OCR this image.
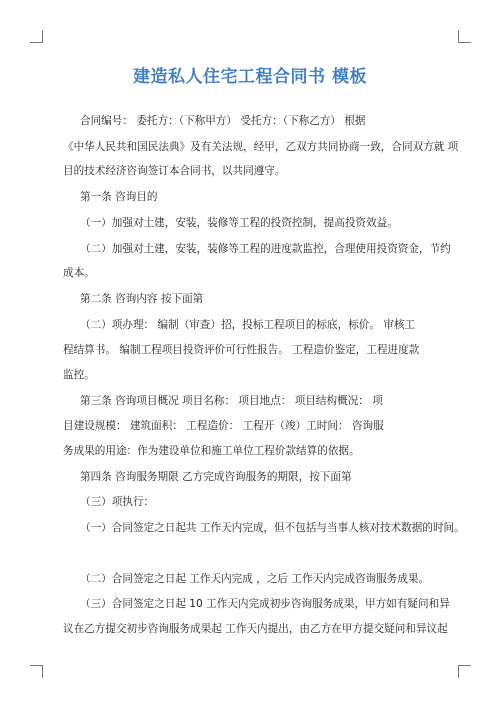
建造私人住宅工程合同书 模板
合同编号： 委托方：（下称甲方） 受托方：（下称乙方） 根据
《中华人民共和国民法典》及有关法规，经甲，乙双方共同协商一致，合同双方就 项
目的技术经济咨询签订本合同书，以共同遵守。
第一条 咨询目的
（一）加强对土建，安装，装修等工程的投资控制，提高投资效益。
（二）加强对土建，安装，装修等工程的进度款监控，合理使用投资资金，节约
成本。
第二条 咨询内容 按下面第
（二）项办理： 编制（审查）招，投标工程项目的标底，标价。 审核工
程结算书。 编制工程项目投资评价可行性报告。 工程造价鉴定，工程进度款
监控。
第三条 咨询项目概况 项目名称： 项目地点： 项目结构概况： 项
目建设规模： 建筑面积： 工程造价： 工程开（竣）工时间： 咨询服
务成果的用途：作为建设单位和施工单位工程价款结算的依据。
第四条 咨询服务期限 乙方完成咨询服务的期限，按下面第
（三）项执行：
（一）合同签定之日起共 工作天内完成，但不包括与当事人核对技术数据的时间。
（二）合同签定之日起 工作天内完成 ，之后 工作天内完成咨询服务成果。
（三）合同签定之日起 10 工作天内完成初步咨询服务成果，甲方如有疑问和异
议在乙方提交初步咨询服务成果起 工作天内提出，由乙方在甲方提交疑问和异议起
